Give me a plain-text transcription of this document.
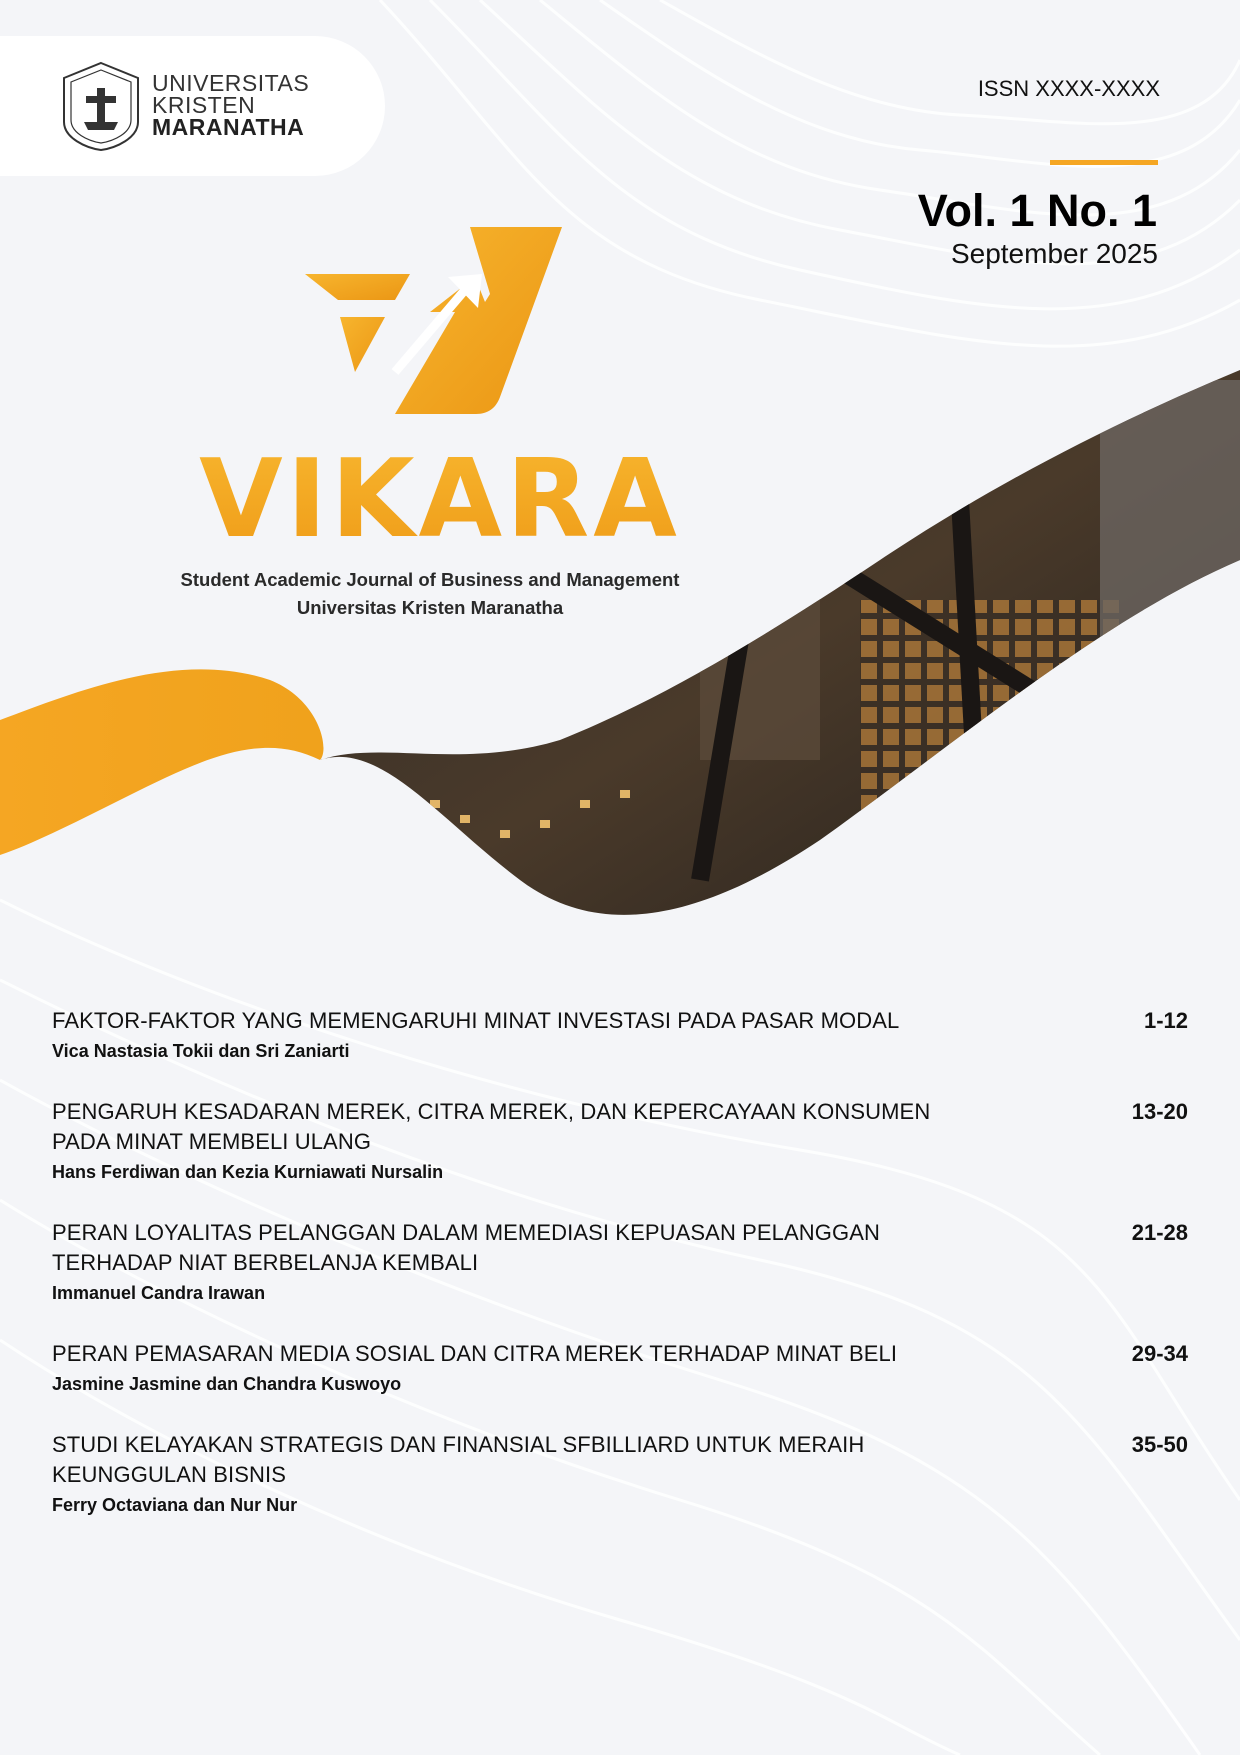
UNIVERSITAS
KRISTEN
MARANATHA
ISSN XXXX-XXXX
Vol. 1 No. 1
September 2025
VIKARA
Student Academic Journal of Business and Management
Universitas Kristen Maranatha
FAKTOR-FAKTOR YANG MEMENGARUHI MINAT INVESTASI PADA PASAR MODAL
Vica Nastasia Tokii dan Sri Zaniarti
1-12
PENGARUH KESADARAN MEREK, CITRA MEREK, DAN KEPERCAYAAN KONSUMEN PADA MINAT MEMBELI ULANG
Hans Ferdiwan dan Kezia Kurniawati Nursalin
13-20
PERAN LOYALITAS PELANGGAN DALAM MEMEDIASI KEPUASAN PELANGGAN TERHADAP NIAT BERBELANJA KEMBALI
Immanuel Candra Irawan
21-28
PERAN PEMASARAN MEDIA SOSIAL DAN CITRA MEREK TERHADAP MINAT BELI
Jasmine Jasmine dan Chandra Kuswoyo
29-34
STUDI KELAYAKAN STRATEGIS DAN FINANSIAL SFBILLIARD UNTUK MERAIH KEUNGGULAN BISNIS
Ferry Octaviana dan Nur Nur
35-50
